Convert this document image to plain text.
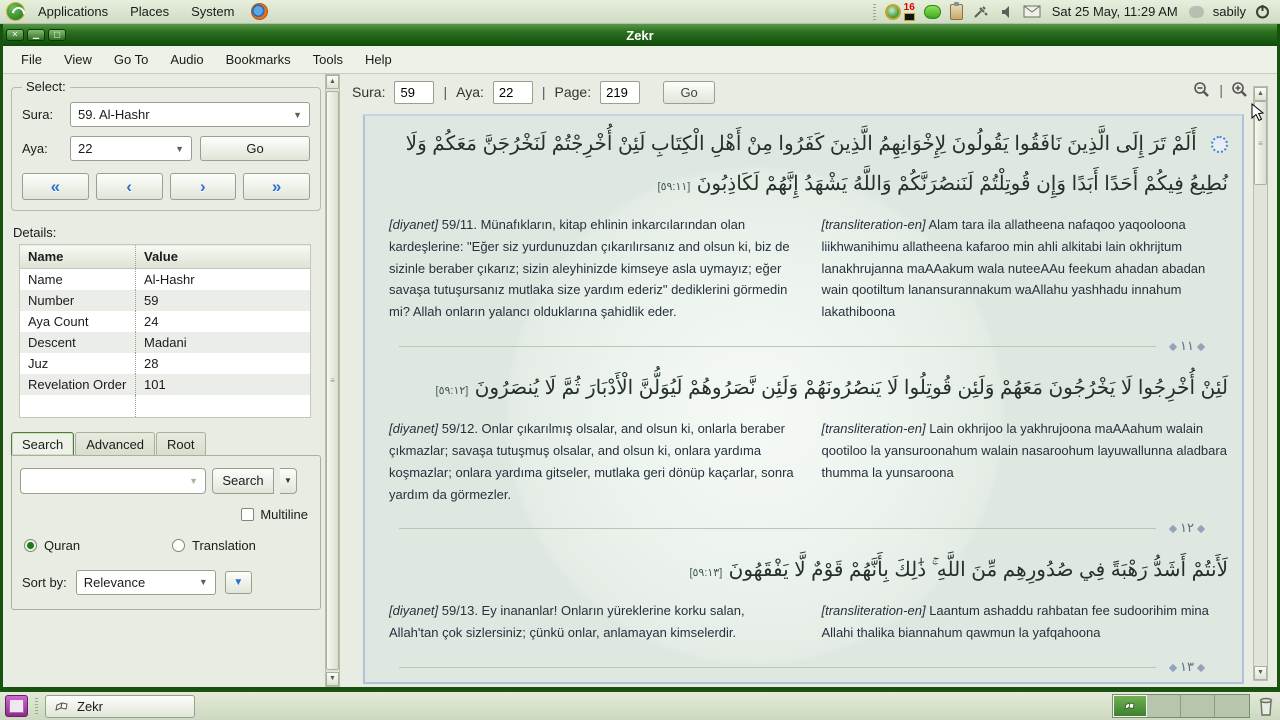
Applications	Places	System	16	Sat 25 May, 11:29 AM	sabily
Zekr
✕	▁	▢
File	View	Go To	Audio	Bookmarks	Tools	Help
Select:
Sura:	59. Al-Hashr	▼
Aya:	22	▼	Go
«	‹	›	»
Details:
Name	Value
Name	Al-Hashr
Number	59
Aya Count	24
Descent	Madani
Juz	28
Revelation Order	101

Search	Advanced	Root
▼	Search	▼
Multiline
Quran	Translation
Sort by: Relevance	▼	▼
▲
≡
▼
Sura:
59	| Aya:
22	| Page:
219	Go	|
أَلَمْ تَرَ إِلَى الَّذِينَ نَافَقُوا يَقُولُونَ لِإِخْوَانِهِمُ الَّذِينَ كَفَرُوا مِنْ أَهْلِ الْكِتَابِ لَئِنْ أُخْرِجْتُمْ لَنَخْرُجَنَّ مَعَكُمْ وَلَا نُطِيعُ فِيكُمْ أَحَدًا أَبَدًا وَإِن قُوتِلْتُمْ لَنَنصُرَنَّكُمْ وَاللَّهُ يَشْهَدُ إِنَّهُمْ لَكَاذِبُونَ [٥٩:١١]
[diyanet] 59/11. Münafıkların, kitap ehlinin inkarcılarından olan kardeşlerine: "Eğer siz yurdunuzdan çıkarılırsanız and olsun ki, biz de sizinle beraber çıkarız; sizin aleyhinizde kimseye asla uymayız; eğer savaşa tutuşursanız mutlaka size yardım ederiz" dediklerini görmedin mi? Allah onların yalancı olduklarına şahidlik eder.
[transliteration-en] Alam tara ila allatheena nafaqoo yaqooloona liikhwanihimu allatheena kafaroo min ahli alkitabi lain okhrijtum lanakhrujanna maAAakum wala nuteeAAu feekum ahadan abadan wain qootiltum lanansurannakum waAllahu yashhadu innahum lakathiboona
١١
لَئِنْ أُخْرِجُوا لَا يَخْرُجُونَ مَعَهُمْ وَلَئِن قُوتِلُوا لَا يَنصُرُونَهُمْ وَلَئِن نَّصَرُوهُمْ لَيُوَلُّنَّ الْأَدْبَارَ ثُمَّ لَا يُنصَرُونَ [٥٩:١٢]
[diyanet] 59/12. Onlar çıkarılmış olsalar, and olsun ki, onlarla beraber çıkmazlar; savaşa tutuşmuş olsalar, and olsun ki, onlara yardıma koşmazlar; onlara yardıma gitseler, mutlaka geri dönüp kaçarlar, sonra yardım da görmezler.
[transliteration-en] Lain okhrijoo la yakhrujoona maAAahum walain qootiloo la yansuroonahum walain nasaroohum layuwallunna aladbara thumma la yunsaroona
١٢
لَأَنتُمْ أَشَدُّ رَهْبَةً فِي صُدُورِهِم مِّنَ اللَّهِ ۚ ذَٰلِكَ بِأَنَّهُمْ قَوْمٌ لَّا يَفْقَهُونَ [٥٩:١٣]
[diyanet] 59/13. Ey inananlar! Onların yüreklerine korku salan, Allah'tan çok sizlersiniz; çünkü onlar, anlamayan kimselerdir.
[transliteration-en] Laantum ashaddu rahbatan fee sudoorihim mina Allahi thalika biannahum qawmun la yafqahoona
١٣
▲
≡
▼
Zekr
